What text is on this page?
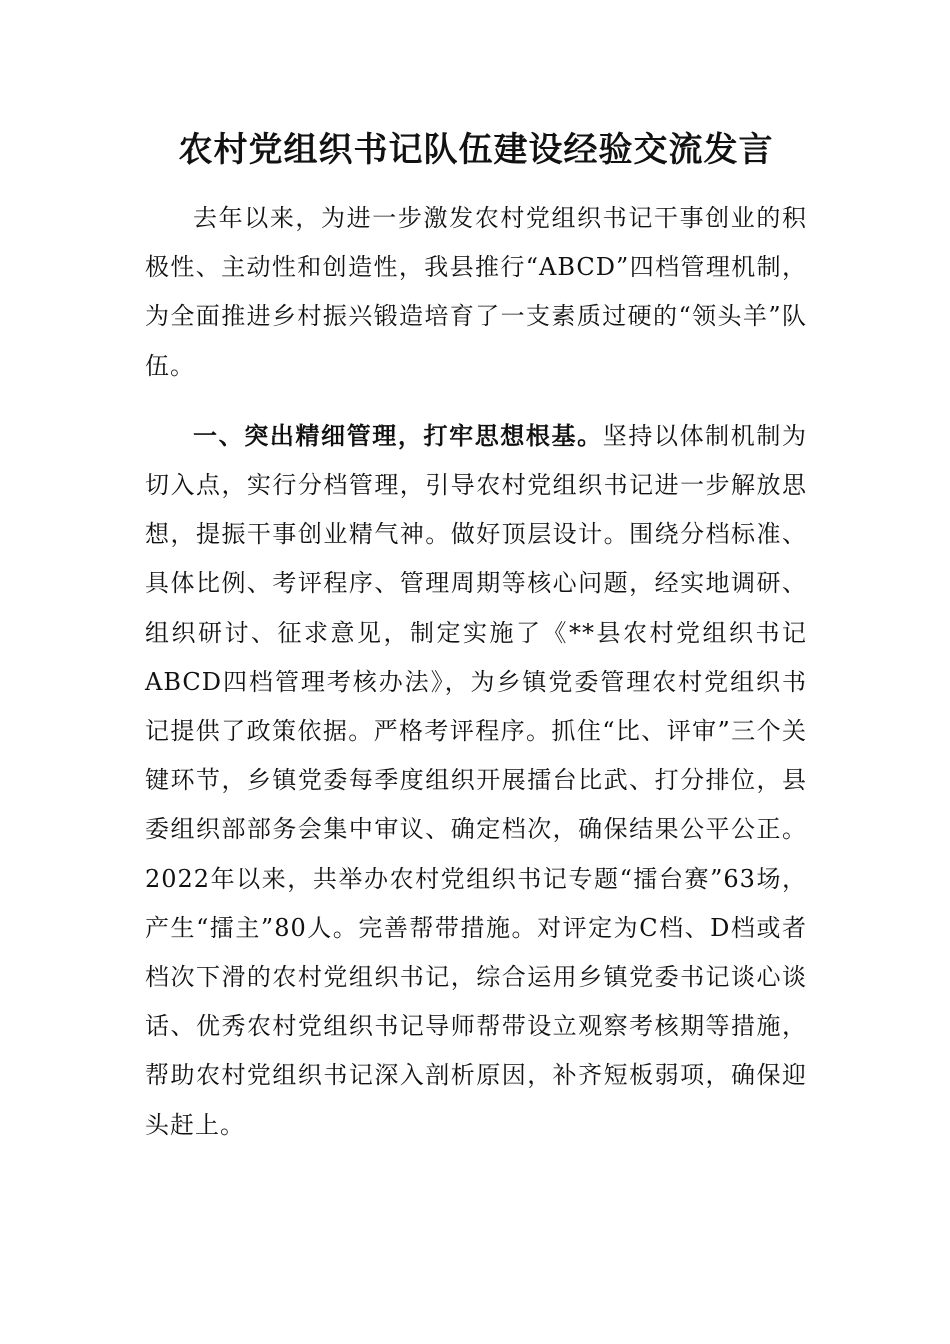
农村党组织书记队伍建设经验交流发言

去年以来，为进一步激发农村党组织书记干事创业的积极性、主动性和创造性，我县推行“ABCD”四档管理机制，为全面推进乡村振兴锻造培育了一支素质过硬的“领头羊”队伍。

一、突出精细管理，打牢思想根基。坚持以体制机制为切入点，实行分档管理，引导农村党组织书记进一步解放思想，提振干事创业精气神。做好顶层设计。围绕分档标准、具体比例、考评程序、管理周期等核心问题，经实地调研、组织研讨、征求意见，制定实施了《**县农村党组织书记ABCD四档管理考核办法》，为乡镇党委管理农村党组织书记提供了政策依据。严格考评程序。抓住“比、评审”三个关键环节，乡镇党委每季度组织开展擂台比武、打分排位，县委组织部部务会集中审议、确定档次，确保结果公平公正。2022年以来，共举办农村党组织书记专题“擂台赛”63场，产生“擂主”80人。完善帮带措施。对评定为C档、D档或者档次下滑的农村党组织书记，综合运用乡镇党委书记谈心谈话、优秀农村党组织书记导师帮带设立观察考核期等措施，帮助农村党组织书记深入剖析原因，补齐短板弱项，确保迎头赶上。
